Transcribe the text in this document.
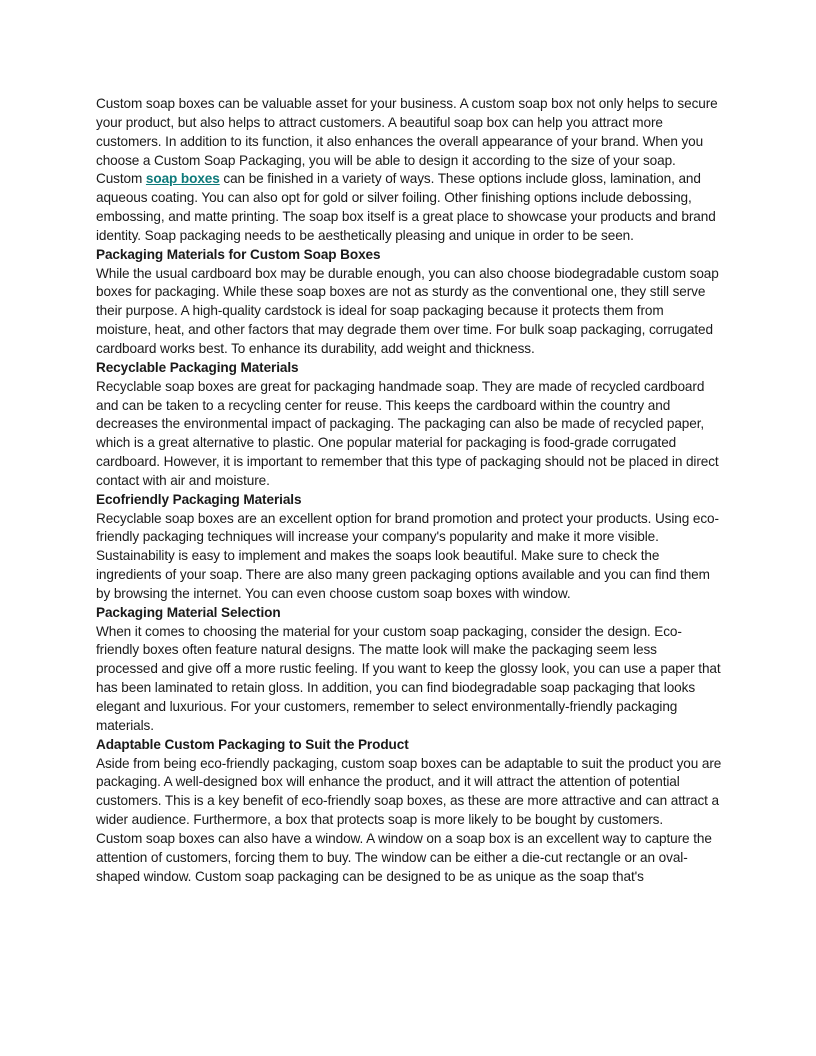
Custom soap boxes can be valuable asset for your business. A custom soap box not only helps to secure your product, but also helps to attract customers. A beautiful soap box can help you attract more customers. In addition to its function, it also enhances the overall appearance of your brand. When you choose a Custom Soap Packaging, you will be able to design it according to the size of your soap.

Custom soap boxes can be finished in a variety of ways. These options include gloss, lamination, and aqueous coating. You can also opt for gold or silver foiling. Other finishing options include debossing, embossing, and matte printing. The soap box itself is a great place to showcase your products and brand identity. Soap packaging needs to be aesthetically pleasing and unique in order to be seen.

Packaging Materials for Custom Soap Boxes

While the usual cardboard box may be durable enough, you can also choose biodegradable custom soap boxes for packaging. While these soap boxes are not as sturdy as the conventional one, they still serve their purpose. A high-quality cardstock is ideal for soap packaging because it protects them from moisture, heat, and other factors that may degrade them over time. For bulk soap packaging, corrugated cardboard works best. To enhance its durability, add weight and thickness.

Recyclable Packaging Materials

Recyclable soap boxes are great for packaging handmade soap. They are made of recycled cardboard and can be taken to a recycling center for reuse. This keeps the cardboard within the country and decreases the environmental impact of packaging. The packaging can also be made of recycled paper, which is a great alternative to plastic. One popular material for packaging is food-grade corrugated cardboard. However, it is important to remember that this type of packaging should not be placed in direct contact with air and moisture.

Ecofriendly Packaging Materials

Recyclable soap boxes are an excellent option for brand promotion and protect your products. Using eco-friendly packaging techniques will increase your company's popularity and make it more visible. Sustainability is easy to implement and makes the soaps look beautiful. Make sure to check the ingredients of your soap. There are also many green packaging options available and you can find them by browsing the internet. You can even choose custom soap boxes with window.

Packaging Material Selection

When it comes to choosing the material for your custom soap packaging, consider the design. Eco-friendly boxes often feature natural designs. The matte look will make the packaging seem less processed and give off a more rustic feeling. If you want to keep the glossy look, you can use a paper that has been laminated to retain gloss. In addition, you can find biodegradable soap packaging that looks elegant and luxurious. For your customers, remember to select environmentally-friendly packaging materials.

Adaptable Custom Packaging to Suit the Product

Aside from being eco-friendly packaging, custom soap boxes can be adaptable to suit the product you are packaging. A well-designed box will enhance the product, and it will attract the attention of potential customers. This is a key benefit of eco-friendly soap boxes, as these are more attractive and can attract a wider audience. Furthermore, a box that protects soap is more likely to be bought by customers.

Custom soap boxes can also have a window. A window on a soap box is an excellent way to capture the attention of customers, forcing them to buy. The window can be either a die-cut rectangle or an oval-shaped window. Custom soap packaging can be designed to be as unique as the soap that's
